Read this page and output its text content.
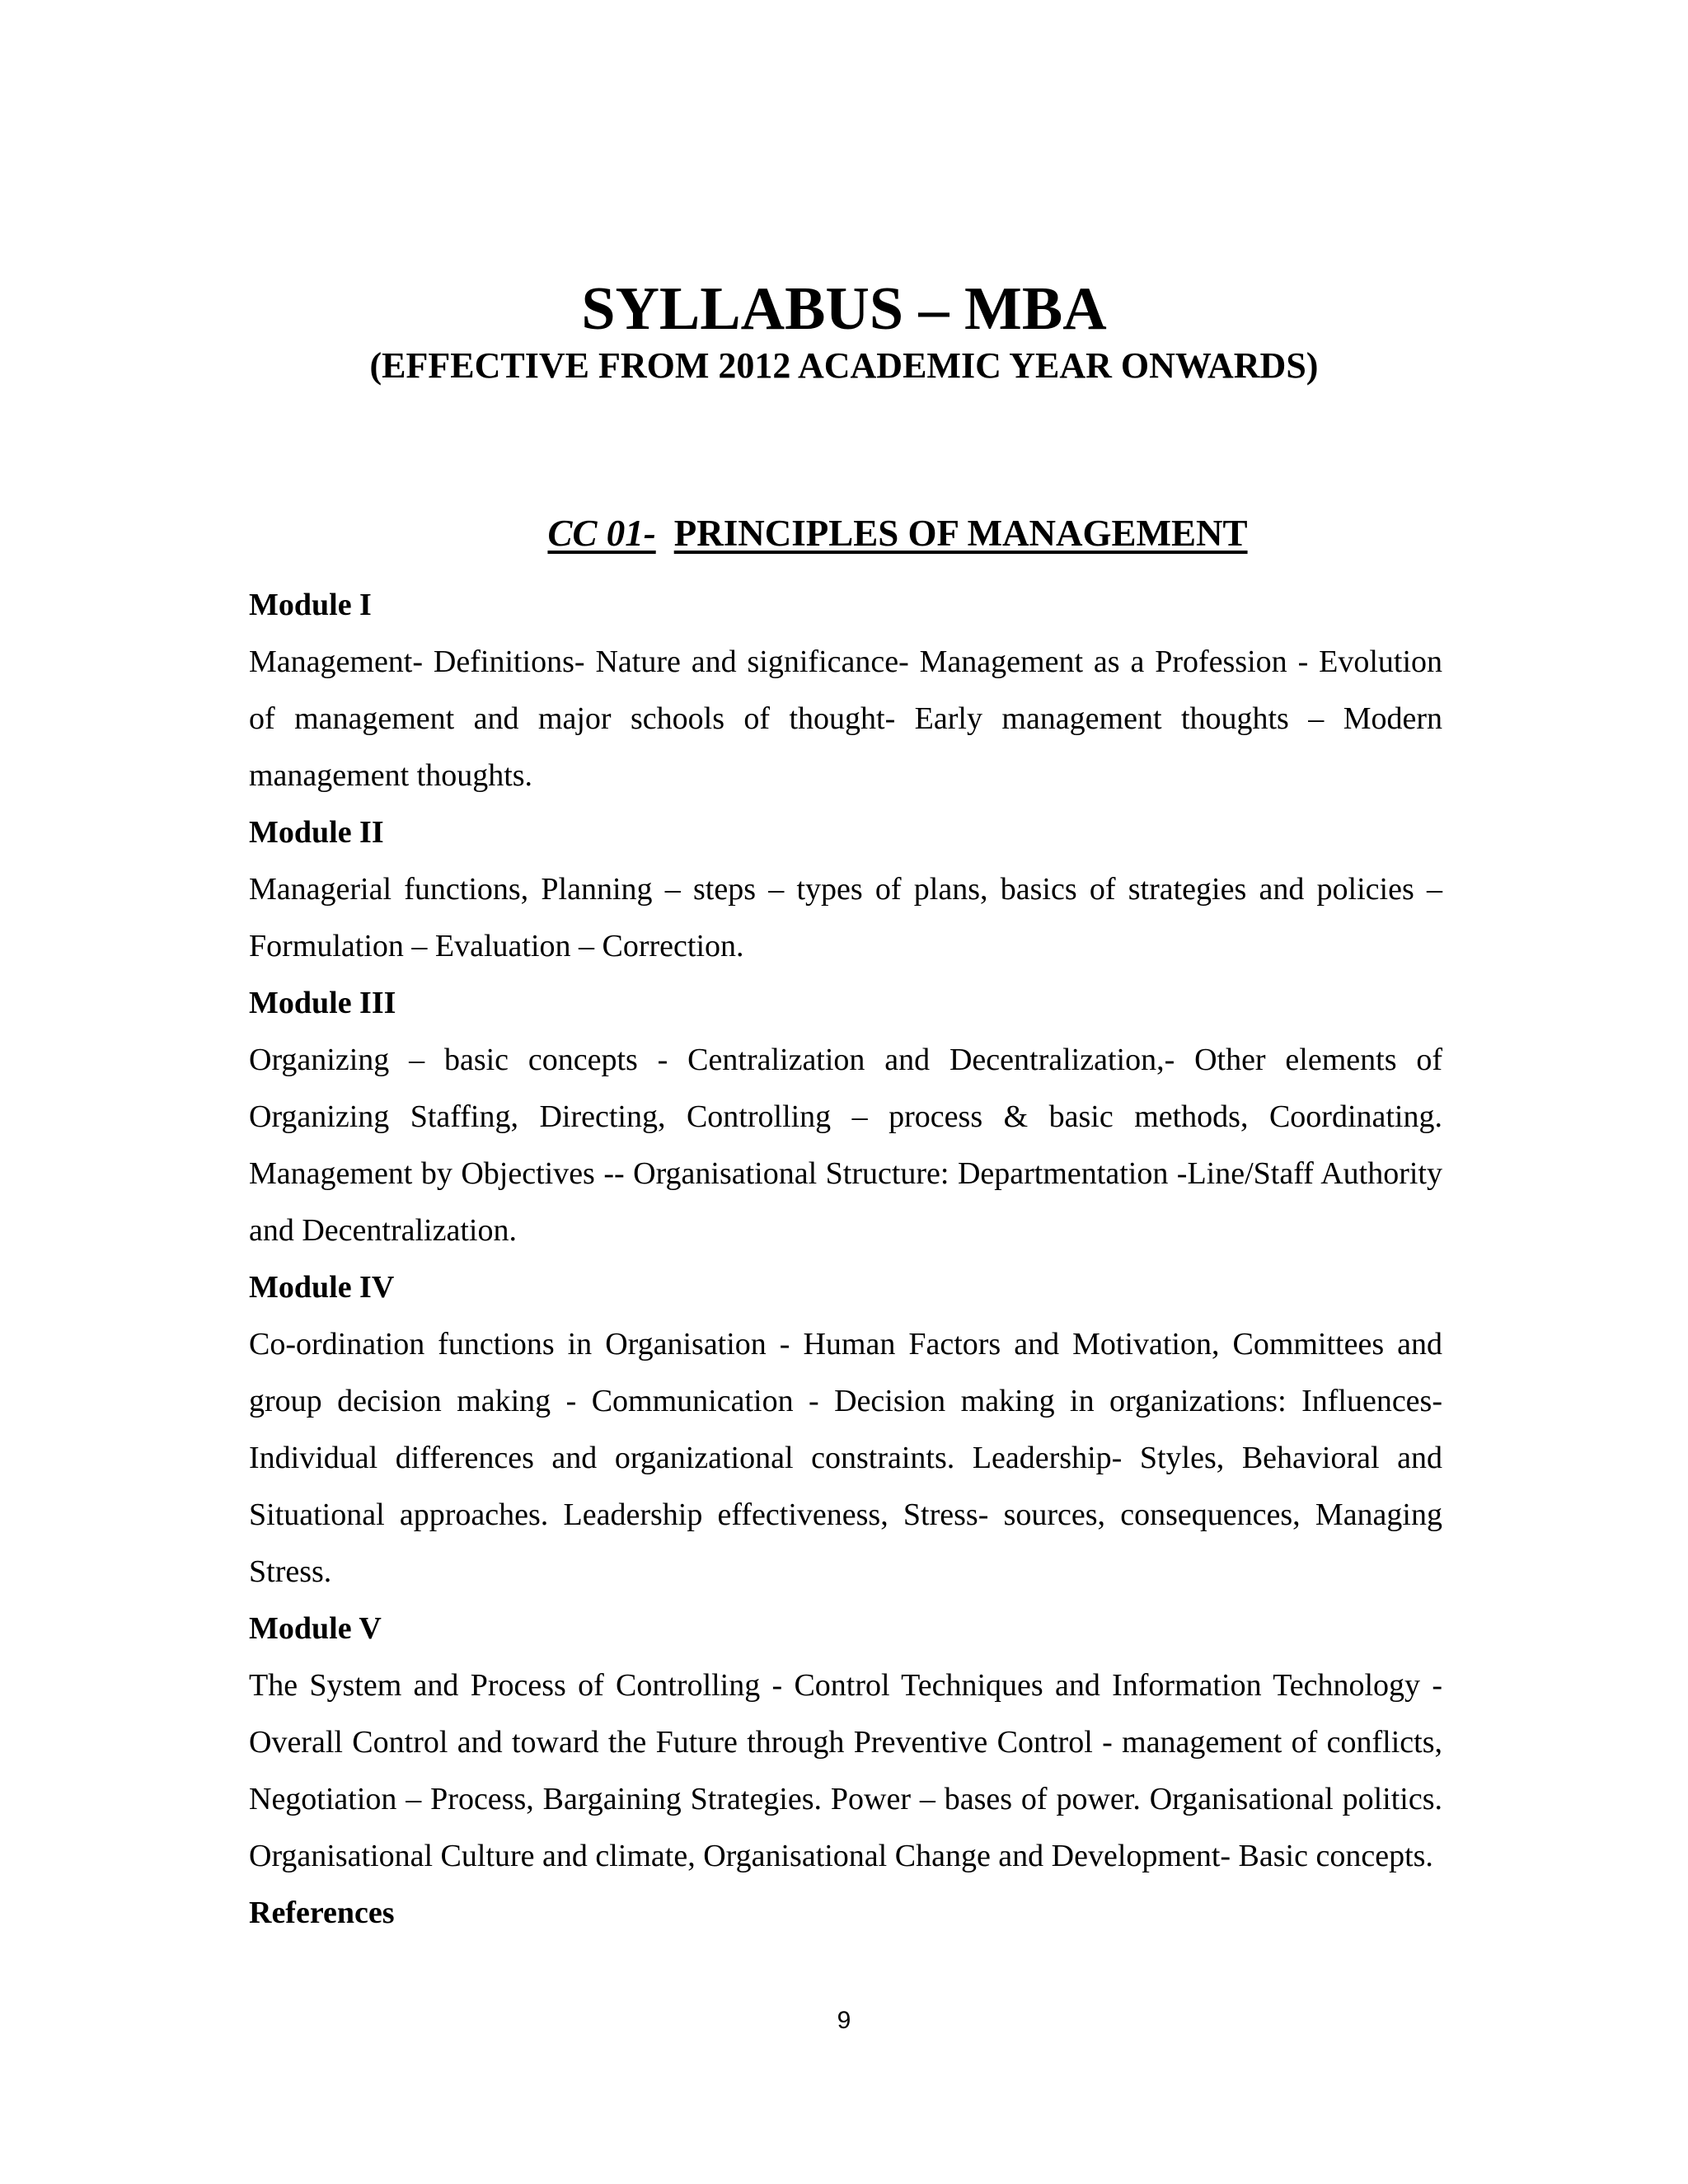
SYLLABUS – MBA
(EFFECTIVE FROM 2012 ACADEMIC YEAR ONWARDS)
CC 01- PRINCIPLES OF MANAGEMENT

Module I

Management- Definitions- Nature and significance- Management as a Profession - Evolution of management and major schools of thought- Early management thoughts – Modern management thoughts.

Module II

Managerial functions, Planning – steps – types of plans, basics of strategies and policies – Formulation – Evaluation – Correction.

Module III

Organizing – basic concepts - Centralization and Decentralization,- Other elements of Organizing Staffing, Directing, Controlling – process & basic methods, Coordinating. Management by Objectives -- Organisational Structure: Departmentation -Line/Staff Authority and Decentralization.

Module IV

Co-ordination functions in Organisation - Human Factors and Motivation, Committees and group decision making - Communication - Decision making in organizations: Influences-Individual differences and organizational constraints. Leadership- Styles, Behavioral and Situational approaches. Leadership effectiveness, Stress- sources, consequences, Managing Stress.

Module V

The System and Process of Controlling - Control Techniques and Information Technology - Overall Control and toward the Future through Preventive Control - management of conflicts, Negotiation – Process, Bargaining Strategies. Power – bases of power. Organisational politics. Organisational Culture and climate, Organisational Change and Development- Basic concepts.

References

9
